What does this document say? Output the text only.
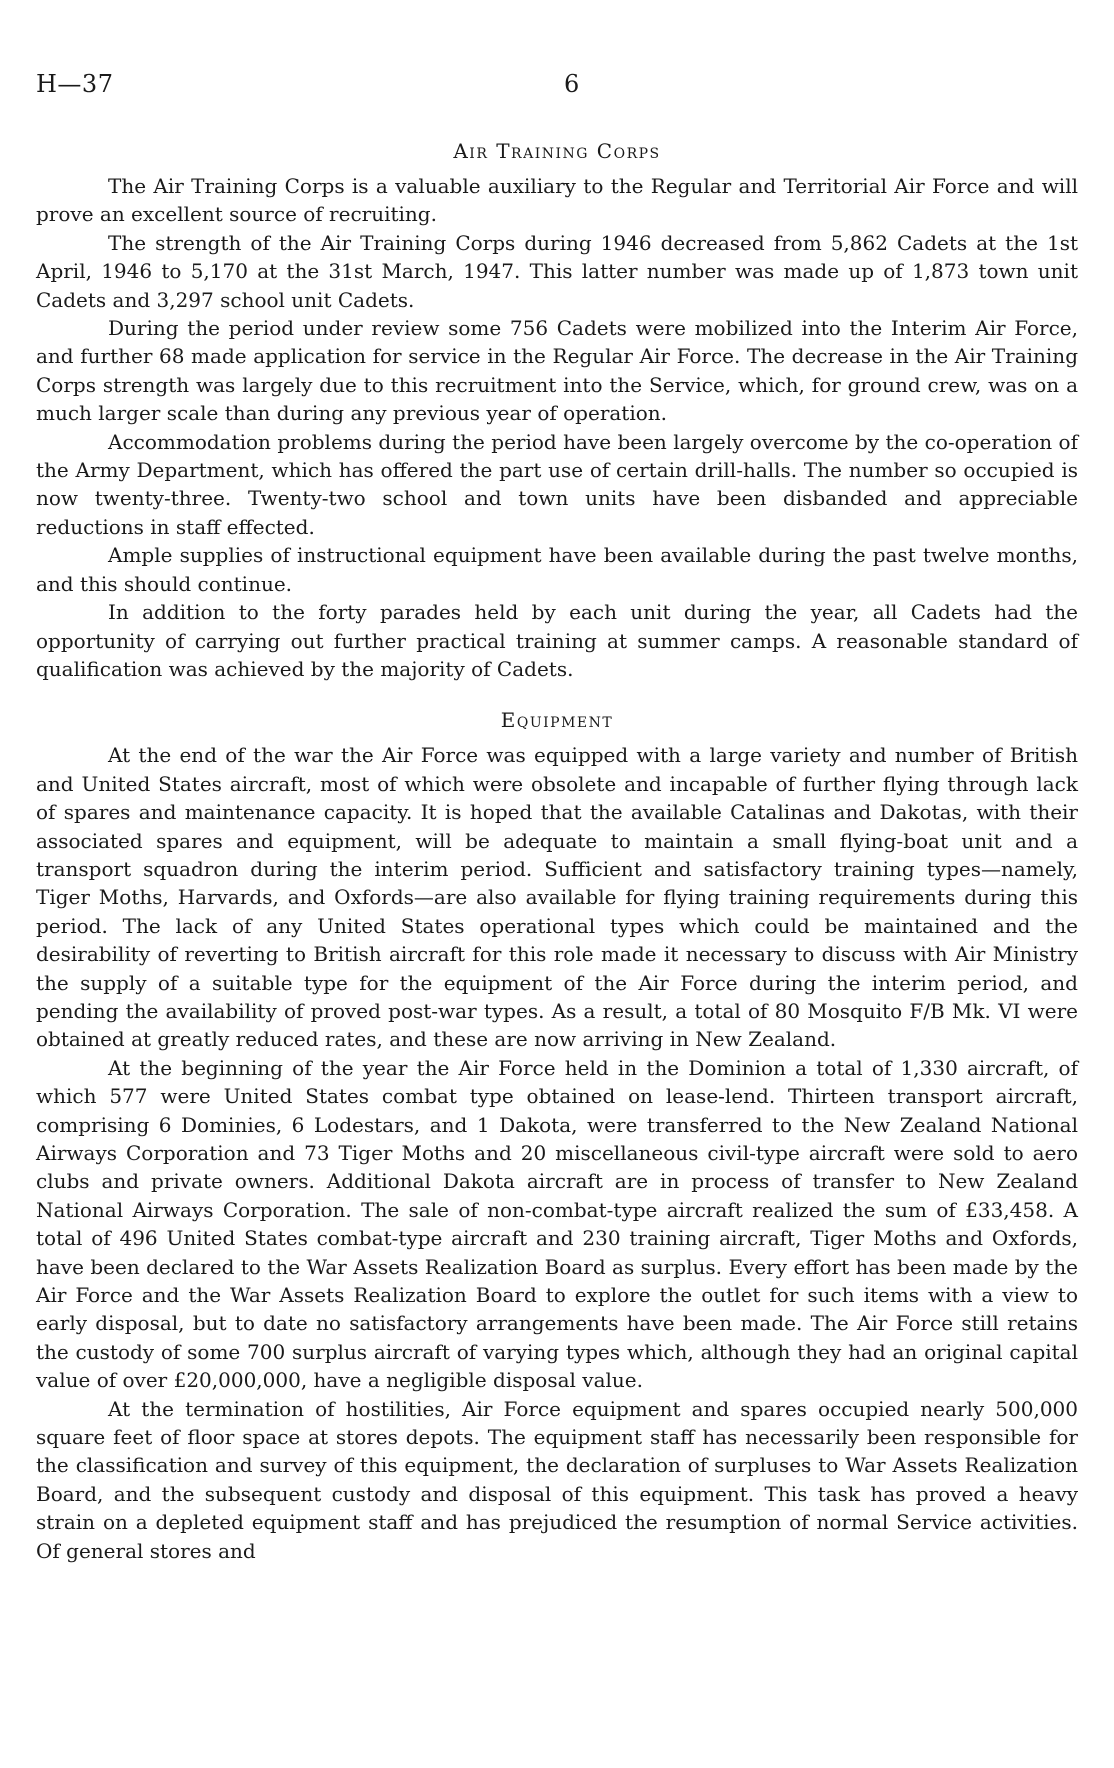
H—37	6
Air Training Corps

The Air Training Corps is a valuable auxiliary to the Regular and Territorial Air Force and will prove an excellent source of recruiting.

The strength of the Air Training Corps during 1946 decreased from 5,862 Cadets at the 1st April, 1946 to 5,170 at the 31st March, 1947. This latter number was made up of 1,873 town unit Cadets and 3,297 school unit Cadets.

During the period under review some 756 Cadets were mobilized into the Interim Air Force, and further 68 made application for service in the Regular Air Force. The decrease in the Air Training Corps strength was largely due to this recruitment into the Service, which, for ground crew, was on a much larger scale than during any previous year of operation.

Accommodation problems during the period have been largely overcome by the co-operation of the Army Department, which has offered the part use of certain drill-halls. The number so occupied is now twenty-three. Twenty-two school and town units have been disbanded and appreciable reductions in staff effected.

Ample supplies of instructional equipment have been available during the past twelve months, and this should continue.

In addition to the forty parades held by each unit during the year, all Cadets had the opportunity of carrying out further practical training at summer camps. A reasonable standard of qualification was achieved by the majority of Cadets.

Equipment

At the end of the war the Air Force was equipped with a large variety and number of British and United States aircraft, most of which were obsolete and incapable of further flying through lack of spares and maintenance capacity. It is hoped that the available Catalinas and Dakotas, with their associated spares and equipment, will be adequate to maintain a small flying-boat unit and a transport squadron during the interim period. Sufficient and satisfactory training types—namely, Tiger Moths, Harvards, and Oxfords—are also available for flying training requirements during this period. The lack of any United States operational types which could be maintained and the desirability of reverting to British aircraft for this role made it necessary to discuss with Air Ministry the supply of a suitable type for the equipment of the Air Force during the interim period, and pending the availability of proved post-war types. As a result, a total of 80 Mosquito F/B Mk. VI were obtained at greatly reduced rates, and these are now arriving in New Zealand.

At the beginning of the year the Air Force held in the Dominion a total of 1,330 aircraft, of which 577 were United States combat type obtained on lease-lend. Thirteen transport aircraft, comprising 6 Dominies, 6 Lodestars, and 1 Dakota, were transferred to the New Zealand National Airways Corporation and 73 Tiger Moths and 20 miscellaneous civil-type aircraft were sold to aero clubs and private owners. Additional Dakota aircraft are in process of transfer to New Zealand National Airways Corporation. The sale of non-combat-type aircraft realized the sum of £33,458. A total of 496 United States combat-type aircraft and 230 training aircraft, Tiger Moths and Oxfords, have been declared to the War Assets Realization Board as surplus. Every effort has been made by the Air Force and the War Assets Realization Board to explore the outlet for such items with a view to early disposal, but to date no satisfactory arrangements have been made. The Air Force still retains the custody of some 700 surplus aircraft of varying types which, although they had an original capital value of over £20,000,000, have a negligible disposal value.

At the termination of hostilities, Air Force equipment and spares occupied nearly 500,000 square feet of floor space at stores depots. The equipment staff has necessarily been responsible for the classification and survey of this equipment, the declaration of surpluses to War Assets Realization Board, and the subsequent custody and disposal of this equipment. This task has proved a heavy strain on a depleted equipment staff and has prejudiced the resumption of normal Service activities. Of general stores and
